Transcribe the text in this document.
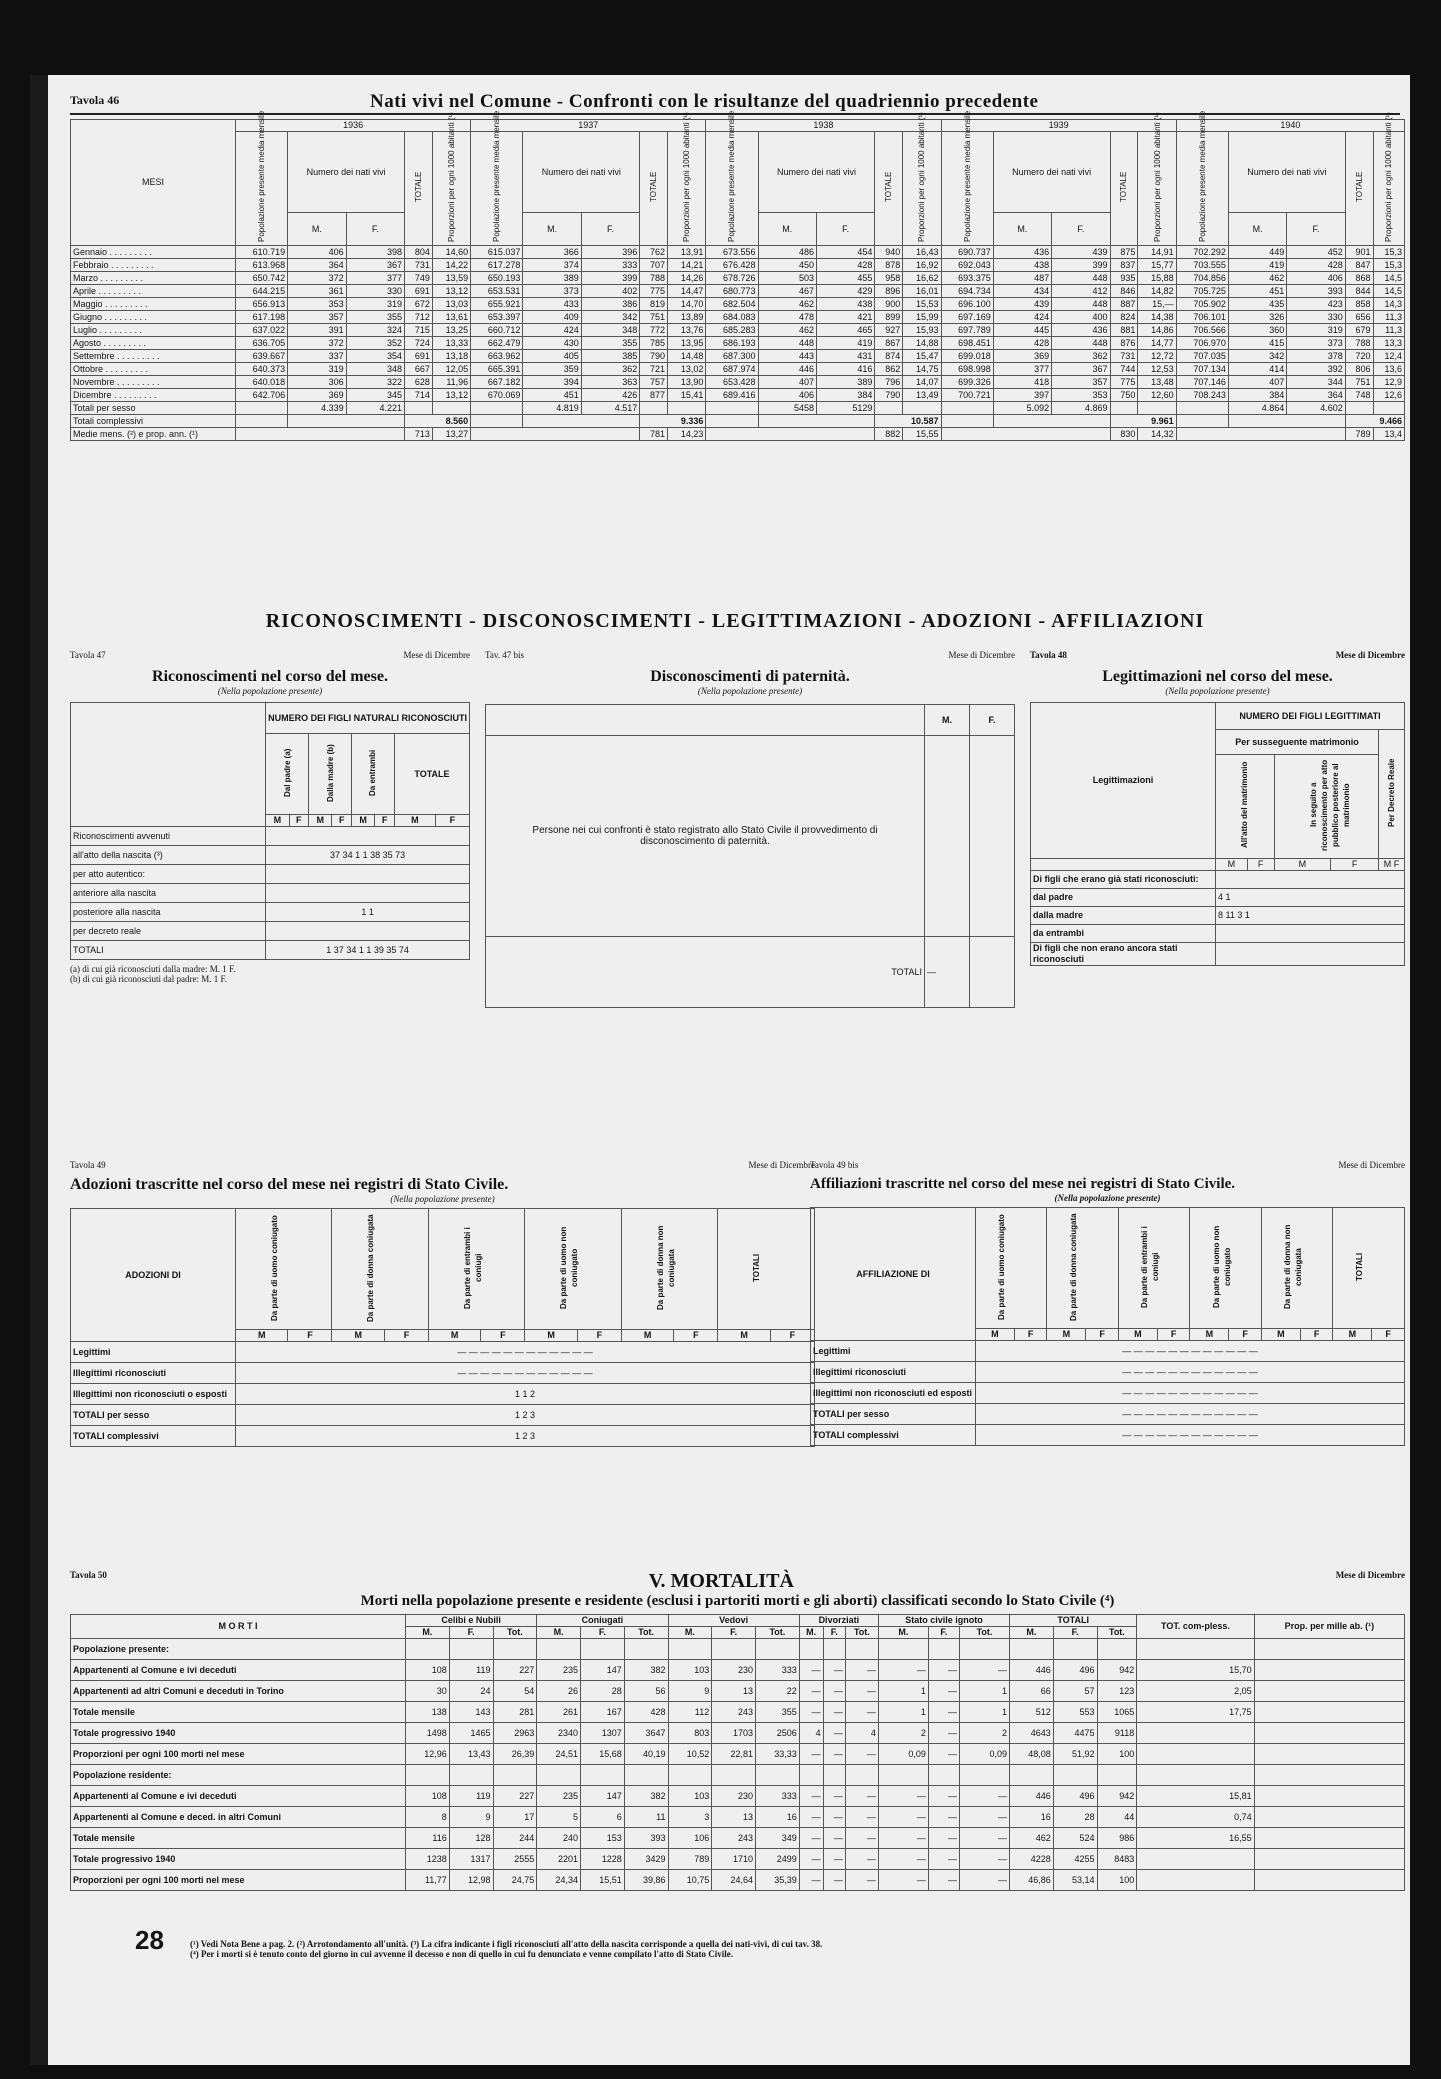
Tavola 46	Nati vivi nel Comune - Confronti con le risultanze del quadriennio precedente
MESI	1936					1937					1938					1939					1940				
	Popolazione presente media mensile	Numero dei nati vivi		TOTALE	Proporzioni per ogni 1000 abitanti (¹)	Popolazione presente media mensile	Numero dei nati vivi		TOTALE	Proporzioni per ogni 1000 abitanti (¹)	Popolazione presente media mensile	Numero dei nati vivi		TOTALE	Proporzioni per ogni 1000 abitanti (¹)	Popolazione presente media mensile	Numero dei nati vivi		TOTALE	Proporzioni per ogni 1000 abitanti (¹)	Popolazione presente media mensile	Numero dei nati vivi		TOTALE	Proporzioni per ogni 1000 abitanti (¹)
		M.	F.				M.	F.				M.	F.				M.	F.				M.	F.		
Gennaio . . . . . . . . .	610.719	406	398	804	14,60	615.037	366	396	762	13,91	673.556	486	454	940	16,43	690.737	436	439	875	14,91	702.292	449	452	901	15,3
Febbraio . . . . . . . . .	613.968	364	367	731	14,22	617.278	374	333	707	14,21	676.428	450	428	878	16,92	692.043	438	399	837	15,77	703.555	419	428	847	15,3
Marzo . . . . . . . . .	650.742	372	377	749	13,59	650.193	389	399	788	14,26	678.726	503	455	958	16,62	693.375	487	448	935	15,88	704.856	462	406	868	14,5
Aprile . . . . . . . . .	644.215	361	330	691	13,12	653.531	373	402	775	14,47	680.773	467	429	896	16,01	694.734	434	412	846	14,82	705.725	451	393	844	14,5
Maggio . . . . . . . . .	656.913	353	319	672	13,03	655.921	433	386	819	14,70	682.504	462	438	900	15,53	696.100	439	448	887	15,—	705.902	435	423	858	14,3
Giugno . . . . . . . . .	617.198	357	355	712	13,61	653.397	409	342	751	13,89	684.083	478	421	899	15,99	697.169	424	400	824	14,38	706.101	326	330	656	11,3
Luglio . . . . . . . . .	637.022	391	324	715	13,25	660.712	424	348	772	13,76	685.283	462	465	927	15,93	697.789	445	436	881	14,86	706.566	360	319	679	11,3
Agosto . . . . . . . . .	636.705	372	352	724	13,33	662.479	430	355	785	13,95	686.193	448	419	867	14,88	698.451	428	448	876	14,77	706.970	415	373	788	13,3
Settembre . . . . . . . . .	639.667	337	354	691	13,18	663.962	405	385	790	14,48	687.300	443	431	874	15,47	699.018	369	362	731	12,72	707.035	342	378	720	12,4
Ottobre . . . . . . . . .	640.373	319	348	667	12,05	665.391	359	362	721	13,02	687.974	446	416	862	14,75	698.998	377	367	744	12,53	707.134	414	392	806	13,6
Novembre . . . . . . . . .	640.018	306	322	628	11,96	667.182	394	363	757	13,90	653.428	407	389	796	14,07	699.326	418	357	775	13,48	707.146	407	344	751	12,9
Dicembre . . . . . . . . .	642.706	369	345	714	13,12	670.069	451	426	877	15,41	689.416	406	384	790	13,49	700.721	397	353	750	12,60	708.243	384	364	748	12,6
Totali per sesso		4.339	4.221				4.819	4.517				5458	5129				5.092	4.869				4.864	4.602		
Totali complessivi				8.560					9.336					10.587					9.961					9.466	
Medie mens. (²) e prop. ann. (¹)				713	13,27				781	14,23				882	15,55				830	14,32				789	13,4
RICONOSCIMENTI - DISCONOSCIMENTI - LEGITTIMAZIONI - ADOZIONI - AFFILIAZIONI
Tavola 47	Mese di Dicembre
Riconoscimenti nel corso del mese.
(Nella popolazione presente)
	NUMERO DEI FIGLI NATURALI RICONOSCIUTI							
	Dal padre (a)		Dalla madre (b)		Da entrambi		TOTALE	
	M	F	M	F	M	F	M	F
Riconoscimenti avvenuti								
all'atto della nascita (³)	37 34 1 1 38 35 73							
per atto autentico:								
anteriore alla nascita								
posteriore alla nascita	1 1							
per decreto reale								
TOTALI	1 37 34 1 1 39 35 74							
(a) di cui già riconosciuti dalla madre: M. 1 F.
(b) di cui già riconosciuti dal padre: M. 1 F.
Tav. 47 bis	Mese di Dicembre
Disconoscimenti di paternità.
(Nella popolazione presente)
	M.	F.
Persone nei cui confronti è stato registrato allo Stato Civile il provvedimento di disconoscimento di paternità.		
TOTALI	—	
Tavola 48	Mese di Dicembre
Legittimazioni nel corso del mese.
(Nella popolazione presente)
Legittimazioni	NUMERO DEI FIGLI LEGITTIMATI				
	Per susseguente matrimonio				Per Decreto Reale
	All'atto del matrimonio		In seguito a riconoscimento per atto pubblico posteriore al matrimonio		
	M	F	M	F	M F
Di figli che erano già stati riconosciuti:					
dal padre	4 1				
dalla madre	8 11 3 1				
da entrambi					
Di figli che non erano ancora stati riconosciuti					
Tavola 49	Mese di Dicembre
Adozioni trascritte nel corso del mese nei registri di Stato Civile.
(Nella popolazione presente)
ADOZIONI DI	Da parte di uomo coniugato		Da parte di donna coniugata		Da parte di entrambi i coniugi		Da parte di uomo non coniugato		Da parte di donna non coniugata		TOTALI	
	M	F	M	F	M	F	M	F	M	F	M	F
Legittimi	— — — — — — — — — — — —											
Illegittimi riconosciuti	— — — — — — — — — — — —											
Illegittimi non riconosciuti o esposti	1 1 2											
TOTALI per sesso	1 2 3											
TOTALI complessivi	1 2 3											
Tavola 49 bis	Mese di Dicembre
Affiliazioni trascritte nel corso del mese nei registri di Stato Civile.
(Nella popolazione presente)
AFFILIAZIONE DI	Da parte di uomo coniugato		Da parte di donna coniugata		Da parte di entrambi i coniugi		Da parte di uomo non coniugato		Da parte di donna non coniugata		TOTALI	
	M	F	M	F	M	F	M	F	M	F	M	F
Legittimi	— — — — — — — — — — — —											
Illegittimi riconosciuti	— — — — — — — — — — — —											
Illegittimi non riconosciuti ed esposti	— — — — — — — — — — — —											
TOTALI per sesso	— — — — — — — — — — — —											
TOTALI complessivi	— — — — — — — — — — — —											
Tavola 50	V. MORTALITÀ	Mese di Dicembre
Morti nella popolazione presente e residente (esclusi i partoriti morti e gli aborti) classificati secondo lo Stato Civile (⁴)
M O R T I	Celibi e Nubili			Coniugati			Vedovi			Divorziati			Stato civile ignoto			TOTALI			TOT. com-pless.	Prop. per mille ab. (¹)
	M.	F.	Tot.	M.	F.	Tot.	M.	F.	Tot.	M.	F.	Tot.	M.	F.	Tot.	M.	F.	Tot.		
Popolazione presente:																				
Appartenenti al Comune e ivi deceduti	108	119	227	235	147	382	103	230	333	—	—	—	—	—	—	446	496	942	15,70	
Appartenenti ad altri Comuni e deceduti in Torino	30	24	54	26	28	56	9	13	22	—	—	—	1	—	1	66	57	123	2,05	
Totale mensile	138	143	281	261	167	428	112	243	355	—	—	—	1	—	1	512	553	1065	17,75	
Totale progressivo 1940	1498	1465	2963	2340	1307	3647	803	1703	2506	4	—	4	2	—	2	4643	4475	9118		
Proporzioni per ogni 100 morti nel mese	12,96	13,43	26,39	24,51	15,68	40,19	10,52	22,81	33,33	—	—	—	0,09	—	0,09	48,08	51,92	100		
Popolazione residente:																				
Appartenenti al Comune e ivi deceduti	108	119	227	235	147	382	103	230	333	—	—	—	—	—	—	446	496	942	15,81	
Appartenenti al Comune e deced. in altri Comuni	8	9	17	5	6	11	3	13	16	—	—	—	—	—	—	16	28	44	0,74	
Totale mensile	116	128	244	240	153	393	106	243	349	—	—	—	—	—	—	462	524	986	16,55	
Totale progressivo 1940	1238	1317	2555	2201	1228	3429	789	1710	2499	—	—	—	—	—	—	4228	4255	8483		
Proporzioni per ogni 100 morti nel mese	11,77	12,98	24,75	24,34	15,51	39,86	10,75	24,64	35,39	—	—	—	—	—	—	46,86	53,14	100		
(¹) Vedi Nota Bene a pag. 2. (²) Arrotondamento all'unità. (³) La cifra indicante i figli riconosciuti all'atto della nascita corrisponde a quella dei nati-vivi, di cui tav. 38.
(⁴) Per i morti si è tenuto conto del giorno in cui avvenne il decesso e non di quello in cui fu denunciato e venne compilato l'atto di Stato Civile.
28
